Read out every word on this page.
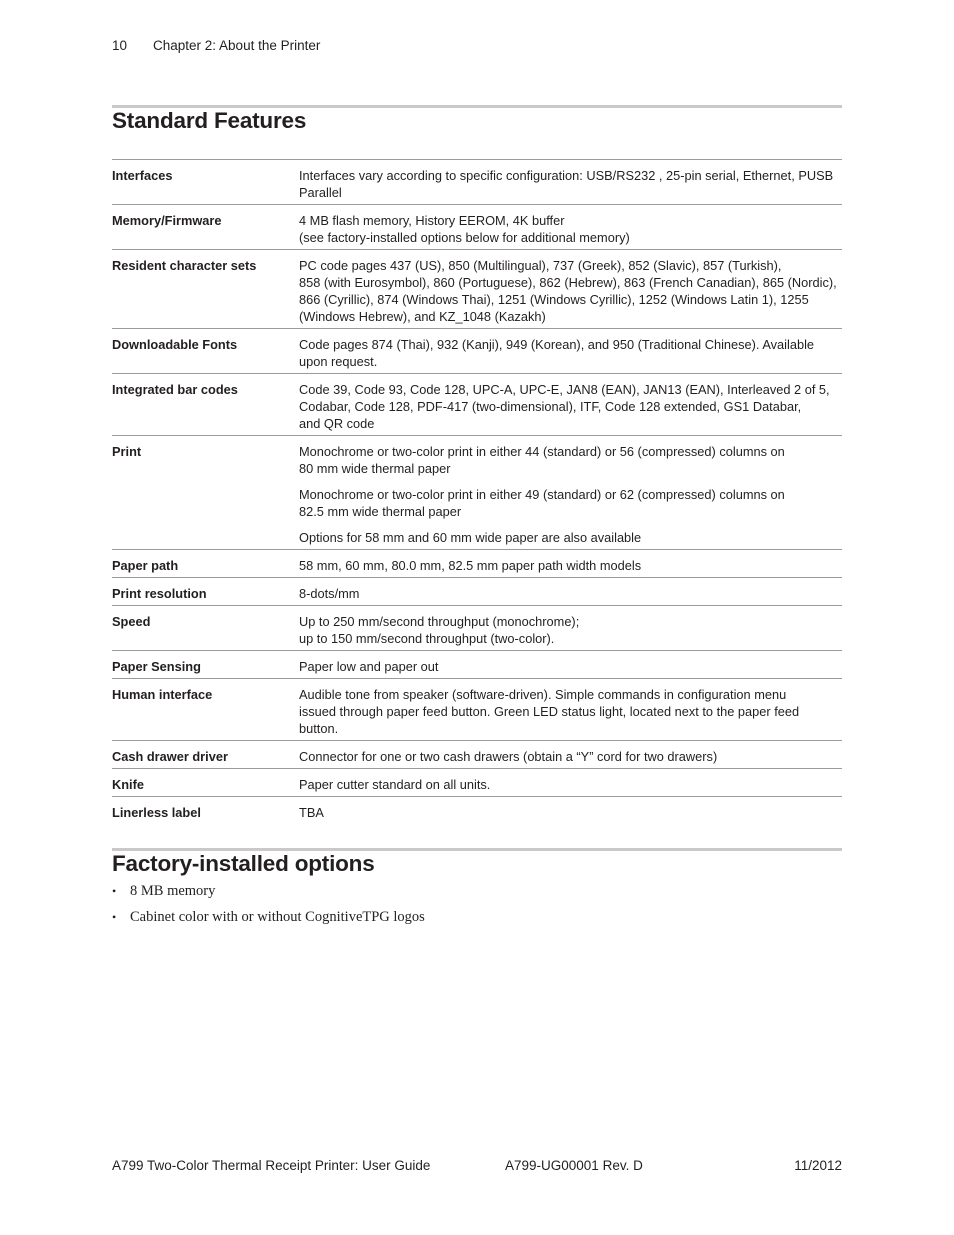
10 Chapter 2: About the Printer
Standard Features
Interfaces	Interfaces vary according to specific configuration: USB/RS232 , 25-pin serial, Ethernet, PUSB Parallel

Memory/Firmware	4 MB flash memory, History EEROM, 4K buffer
(see factory-installed options below for additional memory)

Resident character sets	PC code pages 437 (US), 850 (Multilingual), 737 (Greek), 852 (Slavic), 857 (Turkish),
858 (with Eurosymbol), 860 (Portuguese), 862 (Hebrew), 863 (French Canadian), 865 (Nordic),
866 (Cyrillic), 874 (Windows Thai), 1251 (Windows Cyrillic), 1252 (Windows Latin 1), 1255
(Windows Hebrew), and KZ_1048 (Kazakh)

Downloadable Fonts	Code pages 874 (Thai), 932 (Kanji), 949 (Korean), and 950 (Traditional Chinese). Available
upon request.

Integrated bar codes	Code 39, Code 93, Code 128, UPC-A, UPC-E, JAN8 (EAN), JAN13 (EAN), Interleaved 2 of 5,
Codabar, Code 128, PDF-417 (two-dimensional), ITF, Code 128 extended, GS1 Databar,
and QR code

Print	Monochrome or two-color print in either 44 (standard) or 56 (compressed) columns on
80 mm wide thermal paper
Monochrome or two-color print in either 49 (standard) or 62 (compressed) columns on
82.5 mm wide thermal paper
Options for 58 mm and 60 mm wide paper are also available

Paper path	58 mm, 60 mm, 80.0 mm, 82.5 mm paper path width models

Print resolution	8-dots/mm

Speed	Up to 250 mm/second throughput (monochrome);
up to 150 mm/second throughput (two-color).

Paper Sensing	Paper low and paper out

Human interface	Audible tone from speaker (software-driven). Simple commands in configuration menu
issued through paper feed button. Green LED status light, located next to the paper feed
button.

Cash drawer driver	Connector for one or two cash drawers (obtain a “Y” cord for two drawers)

Knife	Paper cutter standard on all units.

Linerless label	TBA
Factory-installed options
• 8 MB memory
• Cabinet color with or without CognitiveTPG logos
A799 Two-Color Thermal Receipt Printer: User Guide	A799-UG00001 Rev. D	11/2012
